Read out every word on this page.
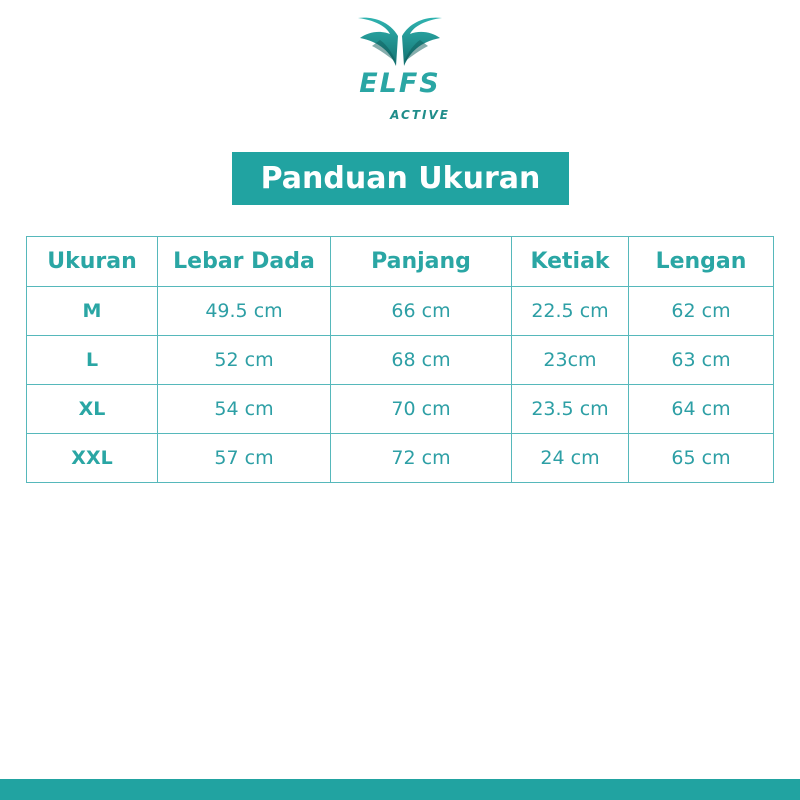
ELFS
ACTIVE
Panduan Ukuran
Ukuran	Lebar Dada	Panjang	Ketiak	Lengan
M	49.5 cm	66 cm	22.5 cm	62 cm
L	52 cm	68 cm	23cm	63 cm
XL	54 cm	70 cm	23.5 cm	64 cm
XXL	57 cm	72 cm	24 cm	65 cm
